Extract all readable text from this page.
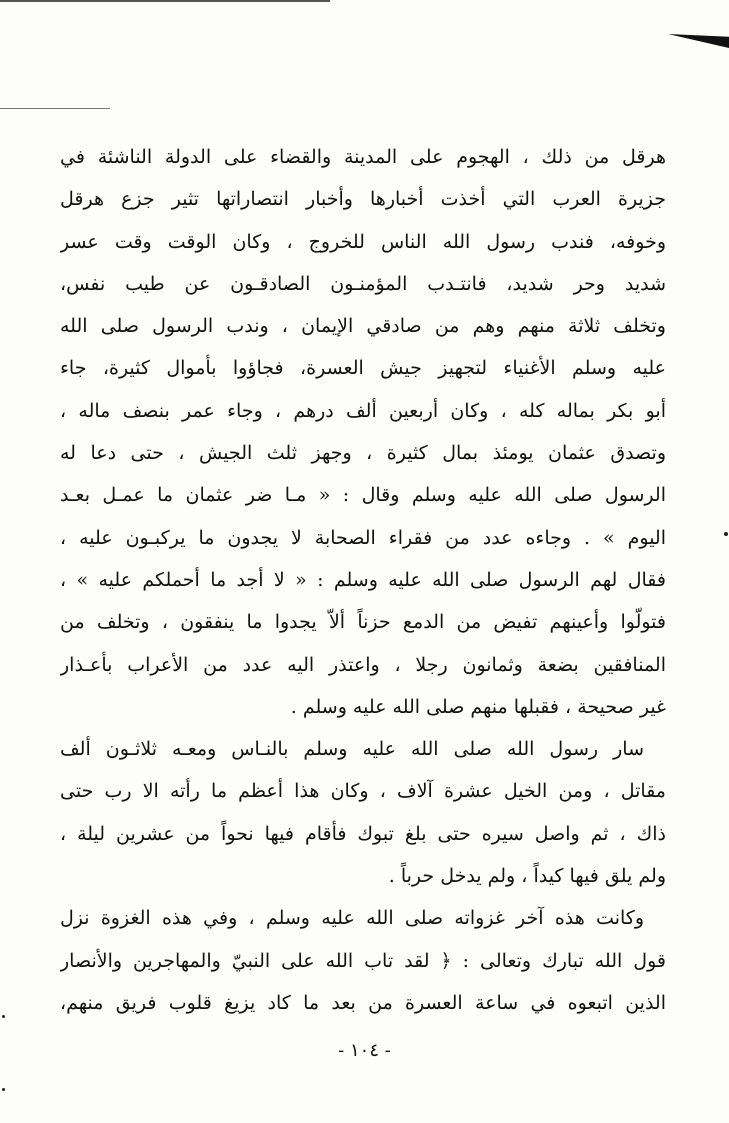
هرقل من ذلك ، الهجوم على المدينة والقضاء على الدولة الناشئة في
جزيرة العرب التي أخذت أخبارها وأخبار انتصاراتها تثير جزع هرقل
وخوفه، فندب رسول الله الناس للخروج ، وكان الوقت وقت عسر
شديد وحر شديد، فانتـدب المؤمنـون الصادقـون عن طيب نفس،
وتخلف ثلاثة منهم وهم من صادقي الإيمان ، وندب الرسول صلى الله
عليه وسلم الأغنياء لتجهيز جيش العسرة، فجاؤوا بأموال كثيرة، جاء
أبو بكر بماله كله ، وكان أربعين ألف درهم ، وجاء عمر بنصف ماله ،
وتصدق عثمان يومئذ بمال كثيرة ، وجهز ثلث الجيش ، حتى دعا له
الرسول صلى الله عليه وسلم وقال : « مـا ضر عثمان ما عمـل بعـد
اليوم » . وجاءه عدد من فقراء الصحابة لا يجدون ما يركبـون عليه ،
فقال لهم الرسول صلى الله عليه وسلم : « لا أجد ما أحملكم عليه » ،
فتولّوا وأعينهم تفيض من الدمع حزناً ألاّ يجدوا ما ينفقون ، وتخلف من
المنافقين بضعة وثمانون رجلا ، واعتذر اليه عدد من الأعراب بأعـذار
غير صحيحة ، فقبلها منهم صلى الله عليه وسلم .
سار رسول الله صلى الله عليه وسلم بالنـاس ومعـه ثلاثـون ألف
مقاتل ، ومن الخيل عشرة آلاف ، وكان هذا أعظم ما رأته الا رب حتى
ذاك ، ثم واصل سيره حتى بلغ تبوك فأقام فيها نحواً من عشرين ليلة ،
ولم يلق فيها كيداً ، ولم يدخل حرباً .
وكانت هذه آخر غزواته صلى الله عليه وسلم ، وفي هذه الغزوة نزل
قول الله تبارك وتعالى : ﴿ لقد تاب الله على النبيّ والمهاجرين والأنصار
الذين اتبعوه في ساعة العسرة من بعد ما كاد يزيغ قلوب فريق منهم،
- ١٠٤ -
